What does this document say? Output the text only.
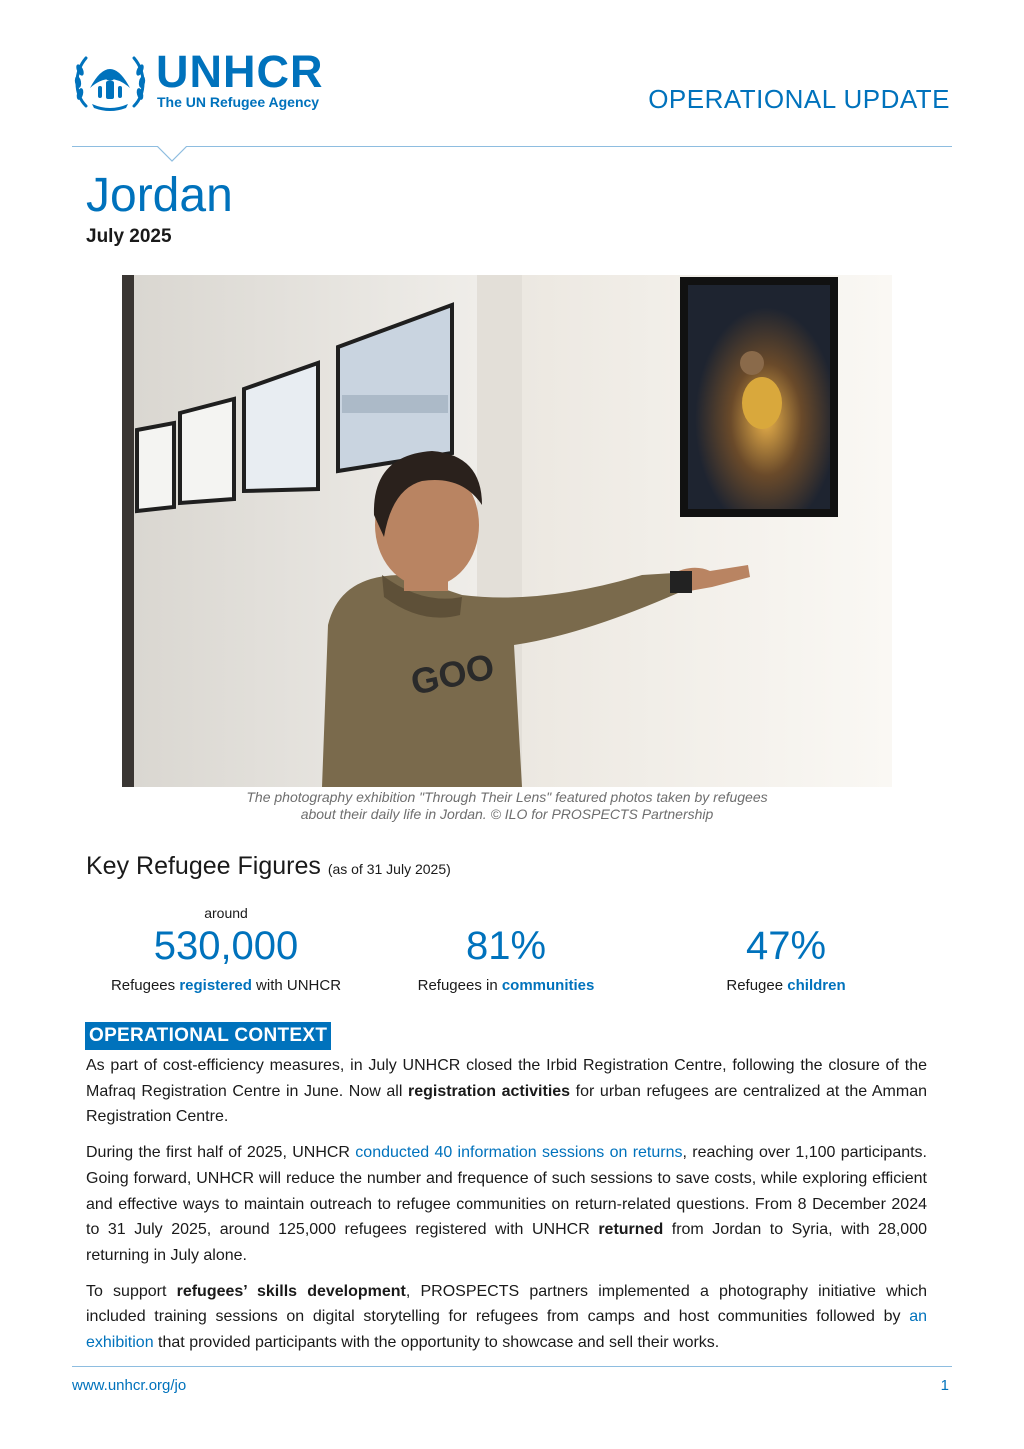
UNHCR
The UN Refugee Agency	OPERATIONAL UPDATE
Jordan
July 2025
GOO
The photography exhibition "Through Their Lens" featured photos taken by refugees
about their daily life in Jordan. © ILO for PROSPECTS Partnership
Key Refugee Figures (as of 31 July 2025)
around
530,000
Refugees registered with UNHCR
81%
Refugees in communities
47%
Refugee children
OPERATIONAL CONTEXT

As part of cost-efficiency measures, in July UNHCR closed the Irbid Registration Centre, following the closure of the Mafraq Registration Centre in June. Now all registration activities for urban refugees are centralized at the Amman Registration Centre.

During the first half of 2025, UNHCR conducted 40 information sessions on returns, reaching over 1,100 participants. Going forward, UNHCR will reduce the number and frequence of such sessions to save costs, while exploring efficient and effective ways to maintain outreach to refugee communities on return-related questions. From 8 December 2024 to 31 July 2025, around 125,000 refugees registered with UNHCR returned from Jordan to Syria, with 28,000 returning in July alone.

To support refugees’ skills development, PROSPECTS partners implemented a photography initiative which included training sessions on digital storytelling for refugees from camps and host communities followed by an exhibition that provided participants with the opportunity to showcase and sell their works.

www.unhcr.org/jo	1
